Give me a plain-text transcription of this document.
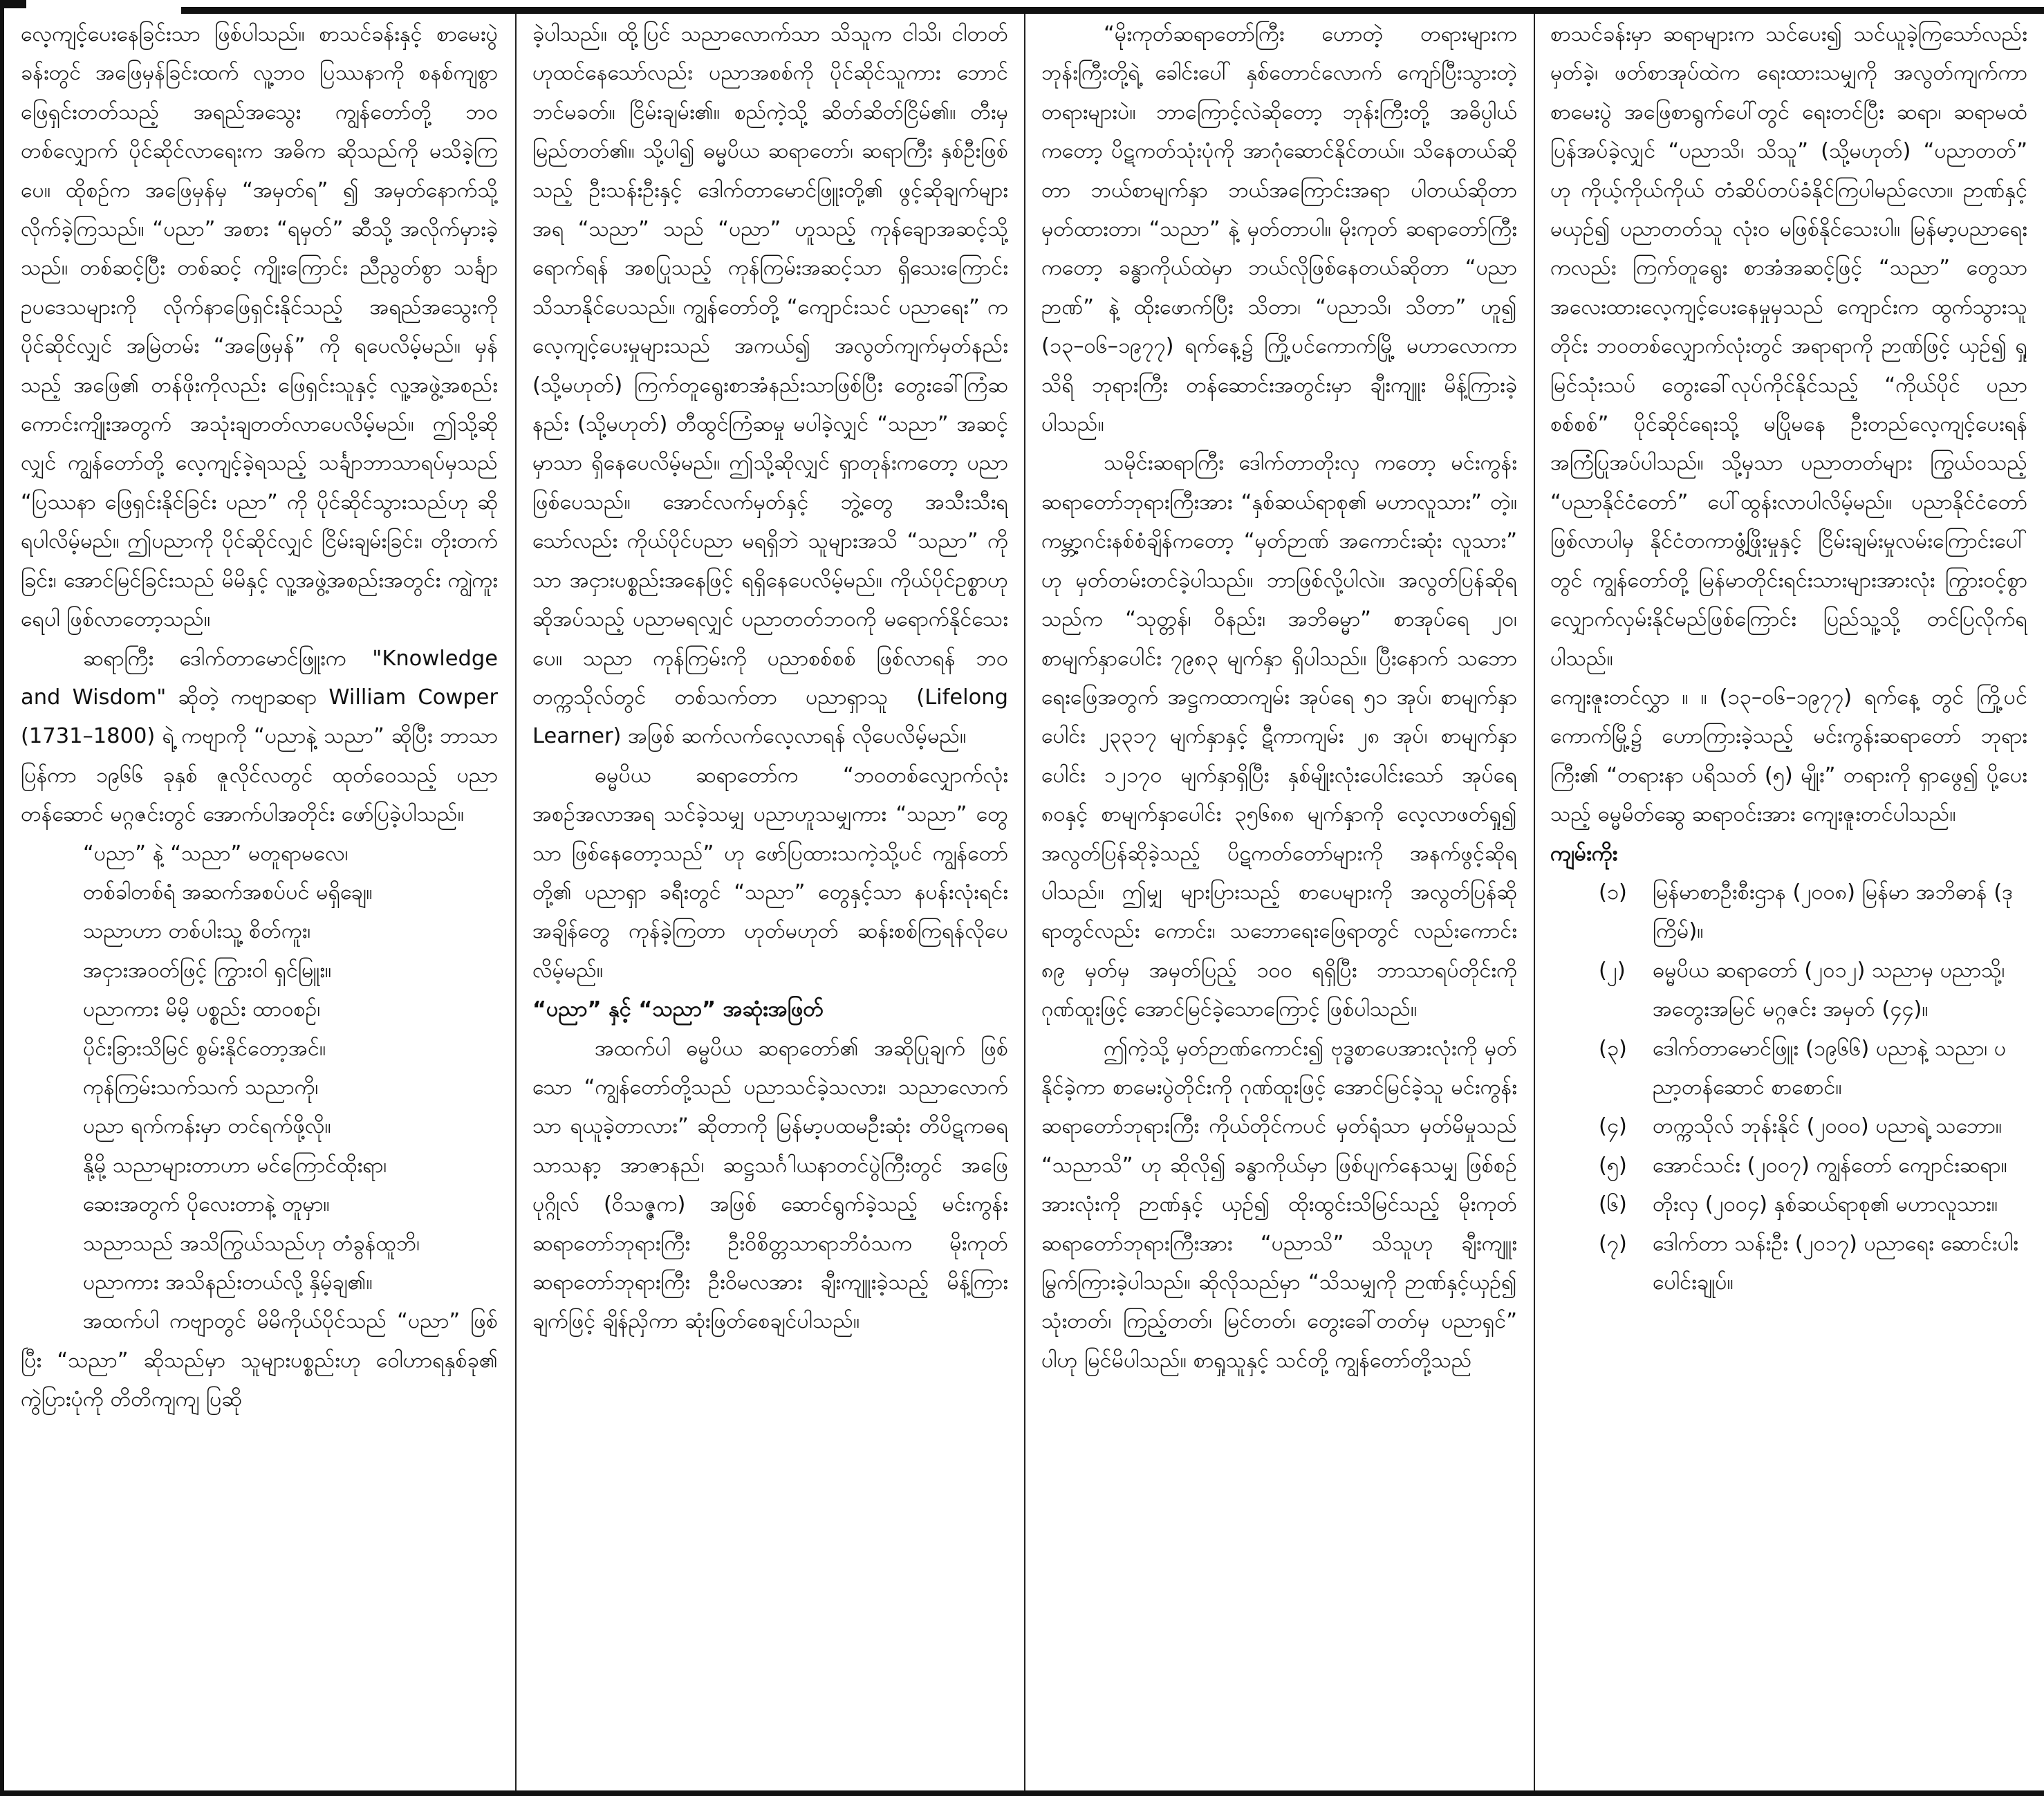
လေ့ကျင့်ပေးနေခြင်းသာ ဖြစ်ပါသည်။ စာသင်ခန်းနှင့် စာမေးပွဲခန်းတွင် အဖြေမှန်ခြင်းထက် လူ့ဘဝ ပြဿနာကို စနစ်ကျစွာ ဖြေရှင်းတတ်သည့် အရည်အသွေး ကျွန်တော်တို့ ဘဝတစ်လျှောက် ပိုင်ဆိုင်လာရေးက အဓိက ဆိုသည်ကို မသိခဲ့ကြပေ။ ထိုစဉ်က အဖြေမှန်မှ “အမှတ်ရ” ၍ အမှတ်နောက်သို့ လိုက်ခဲ့ကြသည်။ “ပညာ” အစား “ရမှတ်” ဆီသို့ အလိုက်မှားခဲ့သည်။ တစ်ဆင့်ပြီး တစ်ဆင့် ကျိုးကြောင်း ညီညွတ်စွာ သင်္ချာဥပဒေသများကို လိုက်နာဖြေရှင်းနိုင်သည့် အရည်အသွေးကို ပိုင်ဆိုင်လျှင် အမြဲတမ်း “အဖြေမှန်” ကို ရပေလိမ့်မည်။ မှန်သည့် အဖြေ၏ တန်ဖိုးကိုလည်း ဖြေရှင်းသူနှင့် လူ့အဖွဲ့အစည်း ကောင်းကျိုးအတွက် အသုံးချတတ်လာပေလိမ့်မည်။ ဤသို့ဆိုလျှင် ကျွန်တော်တို့ လေ့ကျင့်ခဲ့ရသည့် သင်္ချာဘာသာရပ်မှသည် “ပြဿနာ ဖြေရှင်းနိုင်ခြင်း ပညာ” ကို ပိုင်ဆိုင်သွားသည်ဟု ဆိုရပါလိမ့်မည်။ ဤပညာကို ပိုင်ဆိုင်လျှင် ငြိမ်းချမ်းခြင်း၊ တိုးတက်ခြင်း၊ အောင်မြင်ခြင်းသည် မိမိနှင့် လူ့အဖွဲ့အစည်းအတွင်း ကျွဲကူးရေပါ ဖြစ်လာတော့သည်။

ဆရာကြီး ဒေါက်တာမောင်ဖြူးက "Knowledge and Wisdom" ဆိုတဲ့ ကဗျာဆရာ William Cowper (1731–1800) ရဲ့ ကဗျာကို “ပညာနဲ့ သညာ” ဆိုပြီး ဘာသာပြန်ကာ ၁၉၆၆ ခုနှစ် ဇူလိုင်လတွင် ထုတ်ဝေသည့် ပညာတန်ဆောင် မဂ္ဂဇင်းတွင် အောက်ပါအတိုင်း ဖော်ပြခဲ့ပါသည်။

“ပညာ” နဲ့ “သညာ” မတူရာမလေ၊

တစ်ခါတစ်ရံ အဆက်အစပ်ပင် မရှိချေ။

သညာဟာ တစ်ပါးသူ့ စိတ်ကူး၊

အငှားအဝတ်ဖြင့် ကြွားဝါ ရှင်မြူး။

ပညာကား မိမိ့ ပစ္စည်း ထာဝစဉ်၊

ပိုင်းခြားသိမြင် စွမ်းနိုင်တော့အင်။

ကုန်ကြမ်းသက်သက် သညာကို၊

ပညာ ရက်ကန်းမှာ တင်ရက်ဖို့လို။

နို့မို့ သညာများတာဟာ မင်ကြောင်ထိုးရာ၊

ဆေးအတွက် ပိုလေးတာနဲ့ တူမှာ။

သညာသည် အသိကြွယ်သည်ဟု တံခွန်ထူဘိ၊

ပညာကား အသိနည်းတယ်လို့ နှိမ့်ချ၏။

အထက်ပါ ကဗျာတွင် မိမိကိုယ်ပိုင်သည် “ပညာ” ဖြစ်ပြီး “သညာ” ဆိုသည်မှာ သူများပစ္စည်းဟု ဝေါဟာရနှစ်ခု၏ ကွဲပြားပုံကို တိတိကျကျ ပြဆို

ခဲ့ပါသည်။ ထို့ပြင် သညာလောက်သာ သိသူက ငါသိ၊ ငါတတ် ဟုထင်နေသော်လည်း ပညာအစစ်ကို ပိုင်ဆိုင်သူကား ဘောင်ဘင်မခတ်။ ငြိမ်းချမ်း၏။ စည်ကဲ့သို့ ဆိတ်ဆိတ်ငြိမ်၏။ တီးမှ မြည်တတ်၏။ သို့ပါ၍ ဓမ္မပိယ ဆရာတော်၊ ဆရာကြီး နှစ်ဦးဖြစ်သည့် ဦးသန်းဦးနှင့် ဒေါက်တာမောင်ဖြူးတို့၏ ဖွင့်ဆိုချက်များအရ “သညာ” သည် “ပညာ” ဟူသည့် ကုန်ချောအဆင့်သို့ ရောက်ရန် အစပြုသည့် ကုန်ကြမ်းအဆင့်သာ ရှိသေးကြောင်း သိသာနိုင်ပေသည်။ ကျွန်တော်တို့ “ကျောင်းသင် ပညာရေး” က လေ့ကျင့်ပေးမှုများသည် အကယ်၍ အလွတ်ကျက်မှတ်နည်း (သို့မဟုတ်) ကြက်တူရွေးစာအံနည်းသာဖြစ်ပြီး တွေးခေါ်ကြံဆနည်း (သို့မဟုတ်) တီထွင်ကြံဆမှု မပါခဲ့လျှင် “သညာ” အဆင့်မှာသာ ရှိနေပေလိမ့်မည်။ ဤသို့ဆိုလျှင် ရှာတုန်းကတော့ ပညာ ဖြစ်ပေသည်။ အောင်လက်မှတ်နှင့် ဘွဲ့တွေ အသီးသီးရသော်လည်း ကိုယ်ပိုင်ပညာ မရရှိဘဲ သူများအသိ “သညာ” ကိုသာ အငှားပစ္စည်းအနေဖြင့် ရရှိနေပေလိမ့်မည်။ ကိုယ်ပိုင်ဥစ္စာဟု ဆိုအပ်သည့် ပညာမရလျှင် ပညာတတ်ဘဝကို မရောက်နိုင်သေးပေ။ သညာ ကုန်ကြမ်းကို ပညာစစ်စစ် ဖြစ်လာရန် ဘဝတက္ကသိုလ်တွင် တစ်သက်တာ ပညာရှာသူ (Lifelong Learner) အဖြစ် ဆက်လက်လေ့လာရန် လိုပေလိမ့်မည်။

ဓမ္မပိယ ဆရာတော်က “ဘဝတစ်လျှောက်လုံး အစဉ်အလာအရ သင်ခဲ့သမျှ ပညာဟူသမျှကား “သညာ” တွေသာ ဖြစ်နေတော့သည်” ဟု ဖော်ပြထားသကဲ့သို့ပင် ကျွန်တော်တို့၏ ပညာရှာ ခရီးတွင် “သညာ” တွေနှင့်သာ နပန်းလုံးရင်း အချိန်တွေ ကုန်ခဲ့ကြတာ ဟုတ်မဟုတ် ဆန်းစစ်ကြရန်လိုပေလိမ့်မည်။

“ပညာ” နှင့် “သညာ” အဆုံးအဖြတ်

အထက်ပါ ဓမ္မပိယ ဆရာတော်၏ အဆိုပြုချက် ဖြစ်သော “ကျွန်တော်တို့သည် ပညာသင်ခဲ့သလား၊ သညာလောက်သာ ရယူခဲ့တာလား” ဆိုတာကို မြန်မာ့ပထမဦးဆုံး တိပိဋကဓရ သာသနာ့ အာဇာနည်၊ ဆဋ္ဌသင်္ဂါယနာတင်ပွဲကြီးတွင် အဖြေပုဂ္ဂိုလ် (ဝိသဇ္ဇက) အဖြစ် ဆောင်ရွက်ခဲ့သည့် မင်းကွန်းဆရာတော်ဘုရားကြီး ဦးဝိစိတ္တသာရာဘိဝံသက မိုးကုတ်ဆရာတော်ဘုရားကြီး ဦးဝိမလအား ချီးကျူးခဲ့သည့် မိန့်ကြားချက်ဖြင့် ချိန်ညှိကာ ဆုံးဖြတ်စေချင်ပါသည်။

“မိုးကုတ်ဆရာတော်ကြီး ဟောတဲ့ တရားများက ဘုန်းကြီးတို့ရဲ့ ခေါင်းပေါ် နှစ်တောင်လောက် ကျော်ပြီးသွားတဲ့ တရားများပဲ။ ဘာကြောင့်လဲဆိုတော့ ဘုန်းကြီးတို့ အဓိပ္ပါယ်ကတော့ ပိဋကတ်သုံးပုံကို အာဂုံဆောင်နိုင်တယ်။ သိနေတယ်ဆိုတာ ဘယ်စာမျက်နှာ ဘယ်အကြောင်းအရာ ပါတယ်ဆိုတာ မှတ်ထားတာ၊ “သညာ” နဲ့ မှတ်တာပါ။ မိုးကုတ် ဆရာတော်ကြီးကတော့ ခန္ဓာကိုယ်ထဲမှာ ဘယ်လိုဖြစ်နေတယ်ဆိုတာ “ပညာဉာဏ်” နဲ့ ထိုးဖောက်ပြီး သိတာ၊ “ပညာသိ၊ သိတာ” ဟူ၍ (၁၃–၀၆–၁၉၇၇) ရက်နေ့၌ ကြို့ပင်ကောက်မြို့ မဟာလောကာသိရိ ဘုရားကြီး တန်ဆောင်းအတွင်းမှာ ချီးကျူး မိန့်ကြားခဲ့ပါသည်။

သမိုင်းဆရာကြီး ဒေါက်တာတိုးလှ ကတော့ မင်းကွန်းဆရာတော်ဘုရားကြီးအား “နှစ်ဆယ်ရာစု၏ မဟာလူသား” တဲ့။ ကမ္ဘာ့ဂင်းနစ်စံချိန်ကတော့ “မှတ်ဉာဏ် အကောင်းဆုံး လူသား” ဟု မှတ်တမ်းတင်ခဲ့ပါသည်။ ဘာဖြစ်လို့ပါလဲ။ အလွတ်ပြန်ဆိုရသည်က “သုတ္တန်၊ ဝိနည်း၊ အဘိဓမ္မာ” စာအုပ်ရေ ၂၀၊ စာမျက်နှာပေါင်း ၇၉၈၃ မျက်နှာ ရှိပါသည်။ ပြီးနောက် သဘောရေးဖြေအတွက် အဋ္ဌကထာကျမ်း အုပ်ရေ ၅၁ အုပ်၊ စာမျက်နှာပေါင်း ၂၃၃၁၇ မျက်နှာနှင့် ဋီကာကျမ်း ၂၈ အုပ်၊ စာမျက်နှာပေါင်း ၁၂၁၇၀ မျက်နှာရှိပြီး နှစ်မျိုးလုံးပေါင်းသော် အုပ်ရေ ၈၀နှင့် စာမျက်နှာပေါင်း ၃၅၆၈၈ မျက်နှာကို လေ့လာဖတ်ရှု၍ အလွတ်ပြန်ဆိုခဲ့သည့် ပိဋကတ်တော်များကို အနက်ဖွင့်ဆိုရပါသည်။ ဤမျှ များပြားသည့် စာပေများကို အလွတ်ပြန်ဆိုရာတွင်လည်း ကောင်း၊ သဘောရေးဖြေရာတွင် လည်းကောင်း ၈၉ မှတ်မှ အမှတ်ပြည့် ၁၀၀ ရရှိပြီး ဘာသာရပ်တိုင်းကို ဂုဏ်ထူးဖြင့် အောင်မြင်ခဲ့သောကြောင့် ဖြစ်ပါသည်။

ဤကဲ့သို့ မှတ်ဉာဏ်ကောင်း၍ ဗုဒ္ဓစာပေအားလုံးကို မှတ်နိုင်ခဲ့ကာ စာမေးပွဲတိုင်းကို ဂုဏ်ထူးဖြင့် အောင်မြင်ခဲ့သူ မင်းကွန်းဆရာတော်ဘုရားကြီး ကိုယ်တိုင်ကပင် မှတ်ရုံသာ မှတ်မိမှုသည် “သညာသိ” ဟု ဆိုလို၍ ခန္ဓာကိုယ်မှာ ဖြစ်ပျက်နေသမျှ ဖြစ်စဉ်အားလုံးကို ဉာဏ်နှင့် ယှဉ်၍ ထိုးထွင်းသိမြင်သည့် မိုးကုတ်ဆရာတော်ဘုရားကြီးအား “ပညာသိ” သိသူဟု ချီးကျူးမြွက်ကြားခဲ့ပါသည်။ ဆိုလိုသည်မှာ “သိသမျှကို ဉာဏ်နှင့်ယှဉ်၍ သုံးတတ်၊ ကြည့်တတ်၊ မြင်တတ်၊ တွေးခေါ်တတ်မှ ပညာရှင်” ပါဟု မြင်မိပါသည်။ စာရှုသူနှင့် သင်တို့ ကျွန်တော်တို့သည်

စာသင်ခန်းမှာ ဆရာများက သင်ပေး၍ သင်ယူခဲ့ကြသော်လည်း မှတ်ခဲ့၊ ဖတ်စာအုပ်ထဲက ရေးထားသမျှကို အလွတ်ကျက်ကာ စာမေးပွဲ အဖြေစာရွက်ပေါ်တွင် ရေးတင်ပြီး ဆရာ၊ ဆရာမထံ ပြန်အပ်ခဲ့လျှင် “ပညာသိ၊ သိသူ” (သို့မဟုတ်) “ပညာတတ်” ဟု ကိုယ့်ကိုယ်ကိုယ် တံဆိပ်တပ်ခံနိုင်ကြပါမည်လော။ ဉာဏ်နှင့် မယှဉ်၍ ပညာတတ်သူ လုံးဝ မဖြစ်နိုင်သေးပါ။ မြန်မာ့ပညာရေးကလည်း ကြက်တူရွေး စာအံအဆင့်ဖြင့် “သညာ” တွေသာ အလေးထားလေ့ကျင့်ပေးနေမှုမှသည် ကျောင်းက ထွက်သွားသူတိုင်း ဘဝတစ်လျှောက်လုံးတွင် အရာရာကို ဉာဏ်ဖြင့် ယှဉ်၍ ရှုမြင်သုံးသပ် တွေးခေါ်လုပ်ကိုင်နိုင်သည့် “ကိုယ်ပိုင် ပညာစစ်စစ်” ပိုင်ဆိုင်ရေးသို့ မပြိုမနေ ဦးတည်လေ့ကျင့်ပေးရန် အကြံပြုအပ်ပါသည်။ သို့မှသာ ပညာတတ်များ ကြွယ်ဝသည့် “ပညာနိုင်ငံတော်” ပေါ်ထွန်းလာပါလိမ့်မည်။ ပညာနိုင်ငံတော်ဖြစ်လာပါမှ နိုင်ငံတကာဖွံ့ဖြိုးမှုနှင့် ငြိမ်းချမ်းမှုလမ်းကြောင်းပေါ်တွင် ကျွန်တော်တို့ မြန်မာတိုင်းရင်းသားများအားလုံး ကြွားဝင့်စွာ လျှောက်လှမ်းနိုင်မည်ဖြစ်ကြောင်း ပြည်သူ့သို့ တင်ပြလိုက်ရပါသည်။

ကျေးဇူးတင်လွှာ ။ ။ (၁၃–၀၆–၁၉၇၇) ရက်နေ့ တွင် ကြို့ပင်ကောက်မြို့၌ ဟောကြားခဲ့သည့် မင်းကွန်းဆရာတော် ဘုရားကြီး၏ “တရားနာ ပရိသတ် (၅) မျိုး” တရားကို ရှာဖွေ၍ ပို့ပေးသည့် ဓမ္မမိတ်ဆွေ ဆရာဝင်းအား ကျေးဇူးတင်ပါသည်။

ကျမ်းကိုး

(၁)	မြန်မာစာဦးစီးဌာန (၂၀၀၈) မြန်မာ အဘိဓာန် (ဒုကြိမ်)။
(၂)	ဓမ္မပိယ ဆရာတော် (၂၀၁၂) သညာမှ ပညာသို့၊ အတွေးအမြင် မဂ္ဂဇင်း အမှတ် (၄၄)။
(၃)	ဒေါက်တာမောင်ဖြူး (၁၉၆၆) ပညာနဲ့ သညာ၊ ပညာ့တန်ဆောင် စာစောင်။
(၄)	တက္ကသိုလ် ဘုန်းနိုင် (၂၀၀၀) ပညာရဲ့ သဘော။
(၅)	အောင်သင်း (၂၀၀၇) ကျွန်တော် ကျောင်းဆရာ။
(၆)	တိုးလှ (၂၀၀၄) နှစ်ဆယ်ရာစု၏ မဟာလူသား။
(၇)	ဒေါက်တာ သန်းဦး (၂၀၁၇) ပညာရေး ဆောင်းပါး ပေါင်းချုပ်။
